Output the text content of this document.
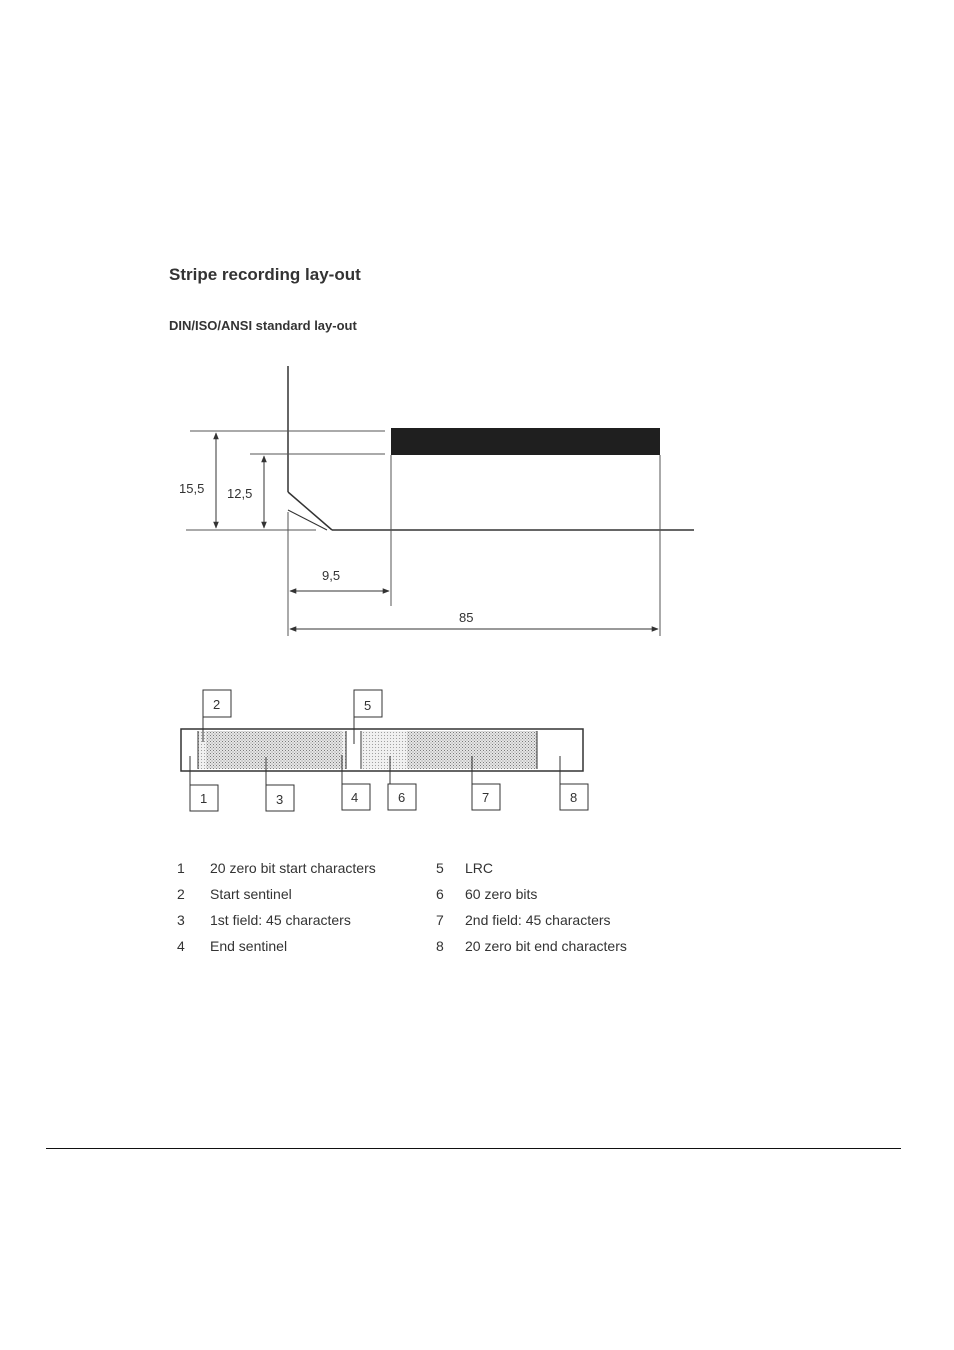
Stripe recording lay-out
DIN/ISO/ANSI standard lay-out
15,5 12,5
9,5
85
1
2
3	4
5
6	7	8
1 20 zero bit start characters
2 Start sentinel
3 1st field: 45 characters
4 End sentinel
5 LRC
6 60 zero bits
7 2nd field: 45 characters
8 20 zero bit end characters
